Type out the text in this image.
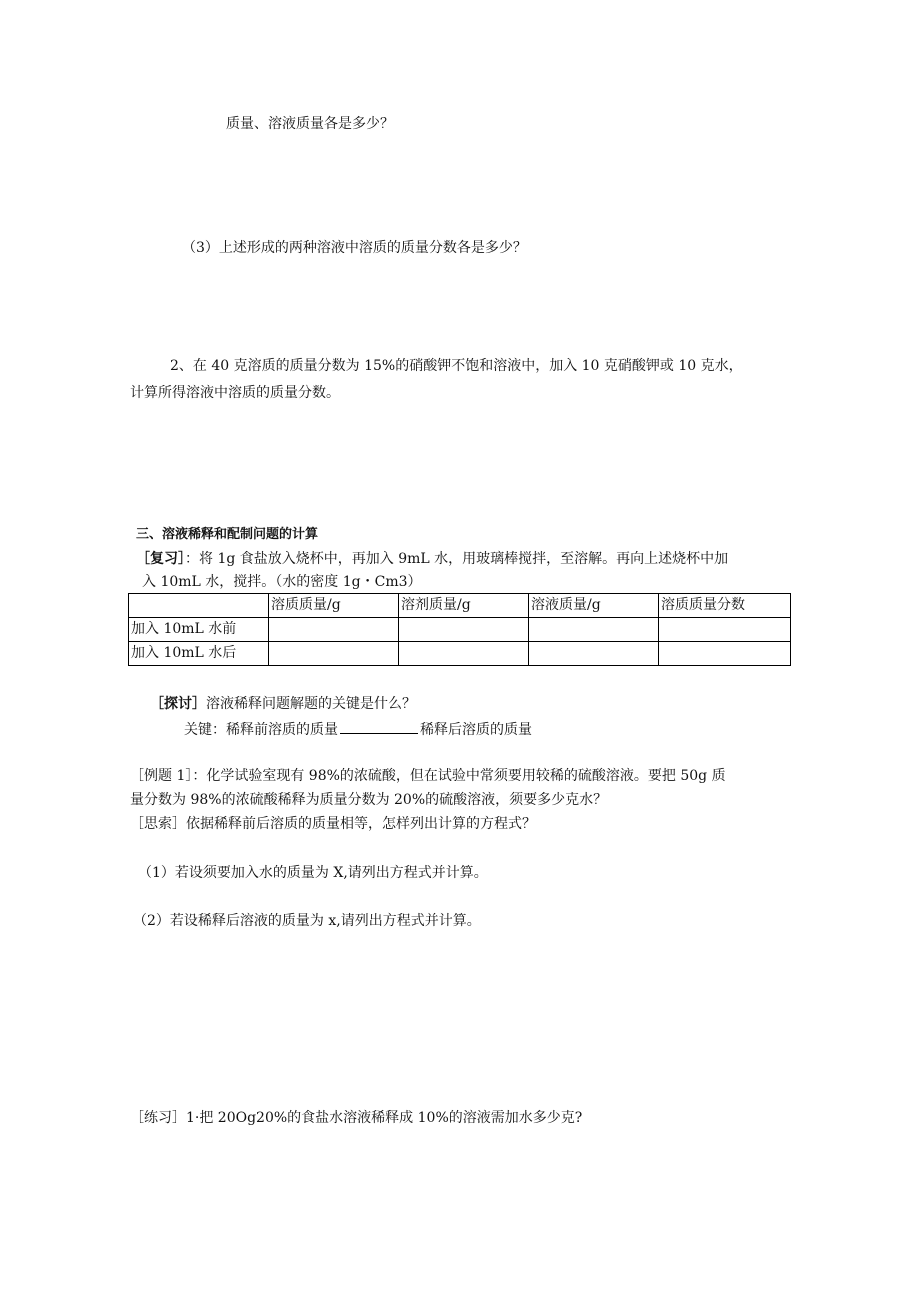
质量、溶液质量各是多少？
（3）上述形成的两种溶液中溶质的质量分数各是多少？
2、在 40 克溶质的质量分数为 15%的硝酸钾不饱和溶液中，加入 10 克硝酸钾或 10 克水，
计算所得溶液中溶质的质量分数。
三、溶液稀释和配制问题的计算
［复习］：将 1g 食盐放入烧杯中，再加入 9mL 水，用玻璃棒搅拌，至溶解。再向上述烧杯中加
入 10mL 水，搅拌。（水的密度 1g・Cm3）
	溶质质量/g	溶剂质量/g	溶液质量/g	溶质质量分数
加入 10mL 水前				
加入 10mL 水后				
［探讨］溶液稀释问题解题的关键是什么？
关键：稀释前溶质的质量	稀释后溶质的质量
［例题 1］：化学试验室现有 98%的浓硫酸，但在试验中常须要用较稀的硫酸溶液。要把 50g 质
量分数为 98%的浓硫酸稀释为质量分数为 20%的硫酸溶液，须要多少克水？
［思索］依据稀释前后溶质的质量相等，怎样列出计算的方程式？
（1）若设须要加入水的质量为 X,请列出方程式并计算。
（2）若设稀释后溶液的质量为 x,请列出方程式并计算。
［练习］1·把 20Og20%的食盐水溶液稀释成 10%的溶液需加水多少克?
